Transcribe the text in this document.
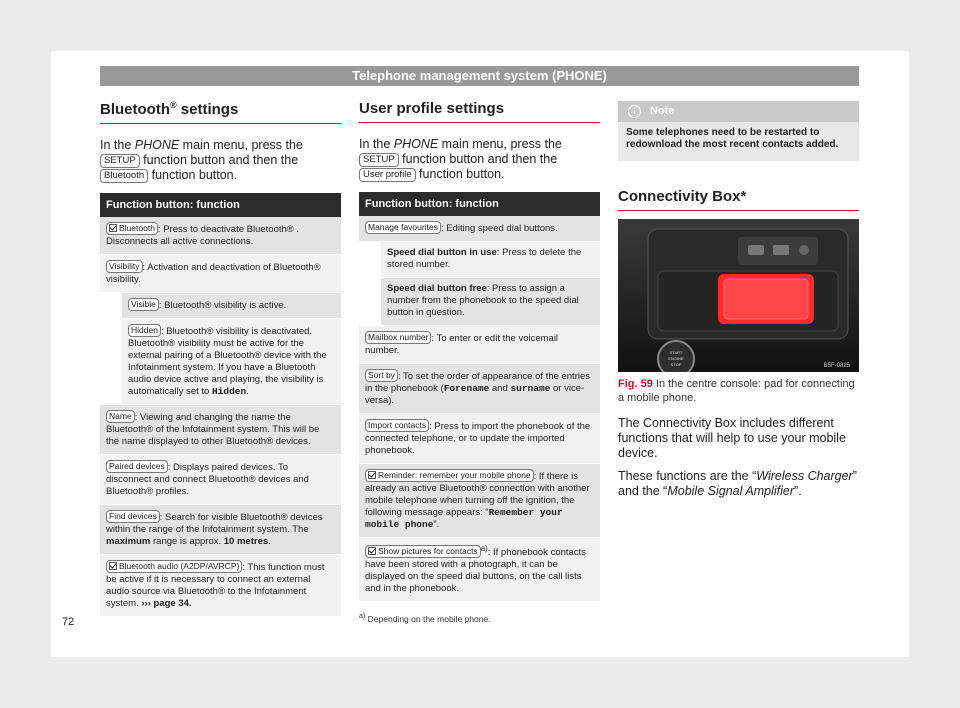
Telephone management system (PHONE)
Bluetooth® settings

In the PHONE main menu, press the SETUP function button and then the Bluetooth function button.

Function button: function	
Bluetooth : Press to deactivate Bluetooth® . Disconnects all active connections.	
Visibility : Activation and deactivation of Bluetooth® visibility.	
	Visible : Bluetooth® visibility is active.
	Hidden : Bluetooth® visibility is deactivated. Bluetooth® visibility must be active for the external pairing of a Bluetooth® device with the Infotainment system. If you have a Bluetooth audio device active and playing, the visibility is automatically set to Hidden.
Name : Viewing and changing the name the Bluetooth® of the Infotainment system. This will be the name displayed to other Bluetooth® devices.	
Paired devices : Displays paired devices. To disconnect and connect Bluetooth® devices and Bluetooth® profiles.	
Find devices : Search for visible Bluetooth® devices within the range of the Infotainment system. The maximum range is approx. 10 metres.	
Bluetooth audio (A2DP/AVRCP) : This function must be active if it is necessary to connect an external audio source via Bluetooth® to the Infotainment system. ››› page 34.	
User profile settings

In the PHONE main menu, press the SETUP function button and then the User profile function button.

Function button: function	
Manage favourites : Editing speed dial buttons.	
	Speed dial button in use: Press to delete the stored number.
	Speed dial button free: Press to assign a number from the phonebook to the speed dial button in question.
Mailbox number : To enter or edit the voicemail number.	
Sort by : To set the order of appearance of the entries in the phonebook (Forename and surname or vice-versa).	
Import contacts : Press to import the phonebook of the connected telephone, or to update the imported phonebook.	
Reminder: remember your mobile phone : If there is already an active Bluetooth® connection with another mobile telephone when turning off the ignition, the following message appears: “Remember your mobile phone”.	
Show pictures for contacts $^{a)}$: If phonebook contacts have been stored with a photograph, it can be displayed on the speed dial buttons, on the call lists and in the phonebook.	

$^{a)}$ Depending on the mobile phone.

i	Note
Some telephones need to be restarted to redownload the most recent contacts added.
Connectivity Box*
START
ENGINE
STOP	B5F-0825
Fig. 59 In the centre console: pad for connecting a mobile phone.

The Connectivity Box includes different functions that will help to use your mobile device.

These functions are the “Wireless Charger” and the “Mobile Signal Amplifier”.

72
